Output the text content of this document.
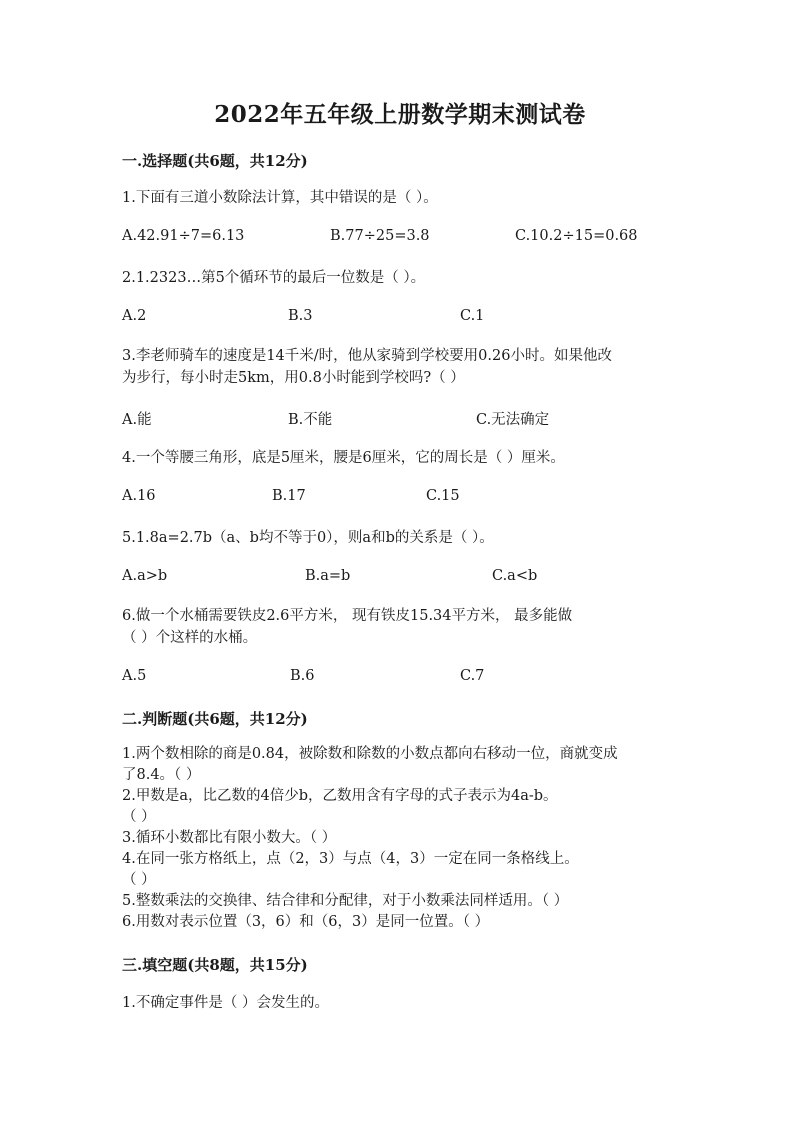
2022年五年级上册数学期末测试卷
一.选择题(共6题，共12分)
1.下面有三道小数除法计算，其中错误的是（ ）。
A.42.91÷7=6.13	B.77÷25=3.8	C.10.2÷15=0.68
2.1.2323…第5个循环节的最后一位数是（ ）。
A.2	B.3	C.1
3.李老师骑车的速度是14千米/时，他从家骑到学校要用0.26小时。如果他改
为步行，每小时走5km，用0.8小时能到学校吗?（ ）
A.能	B.不能	C.无法确定
4.一个等腰三角形，底是5厘米，腰是6厘米，它的周长是（ ）厘米。
A.16	B.17	C.15
5.1.8a=2.7b（a、b均不等于0），则a和b的关系是（ ）。
A.a>b	B.a=b	C.a<b
6.做一个水桶需要铁皮2.6平方米， 现有铁皮15.34平方米， 最多能做
（ ）个这样的水桶。
A.5	B.6	C.7
二.判断题(共6题，共12分)
1.两个数相除的商是0.84，被除数和除数的小数点都向右移动一位，商就变成
了8.4。（ ）
2.甲数是a，比乙数的4倍少b，乙数用含有字母的式子表示为4a-b。
（ ）
3.循环小数都比有限小数大。（ ）
4.在同一张方格纸上，点（2，3）与点（4，3）一定在同一条格线上。
（ ）
5.整数乘法的交换律、结合律和分配律，对于小数乘法同样适用。（ ）
6.用数对表示位置（3，6）和（6，3）是同一位置。（ ）
三.填空题(共8题，共15分)
1.不确定事件是（ ）会发生的。
